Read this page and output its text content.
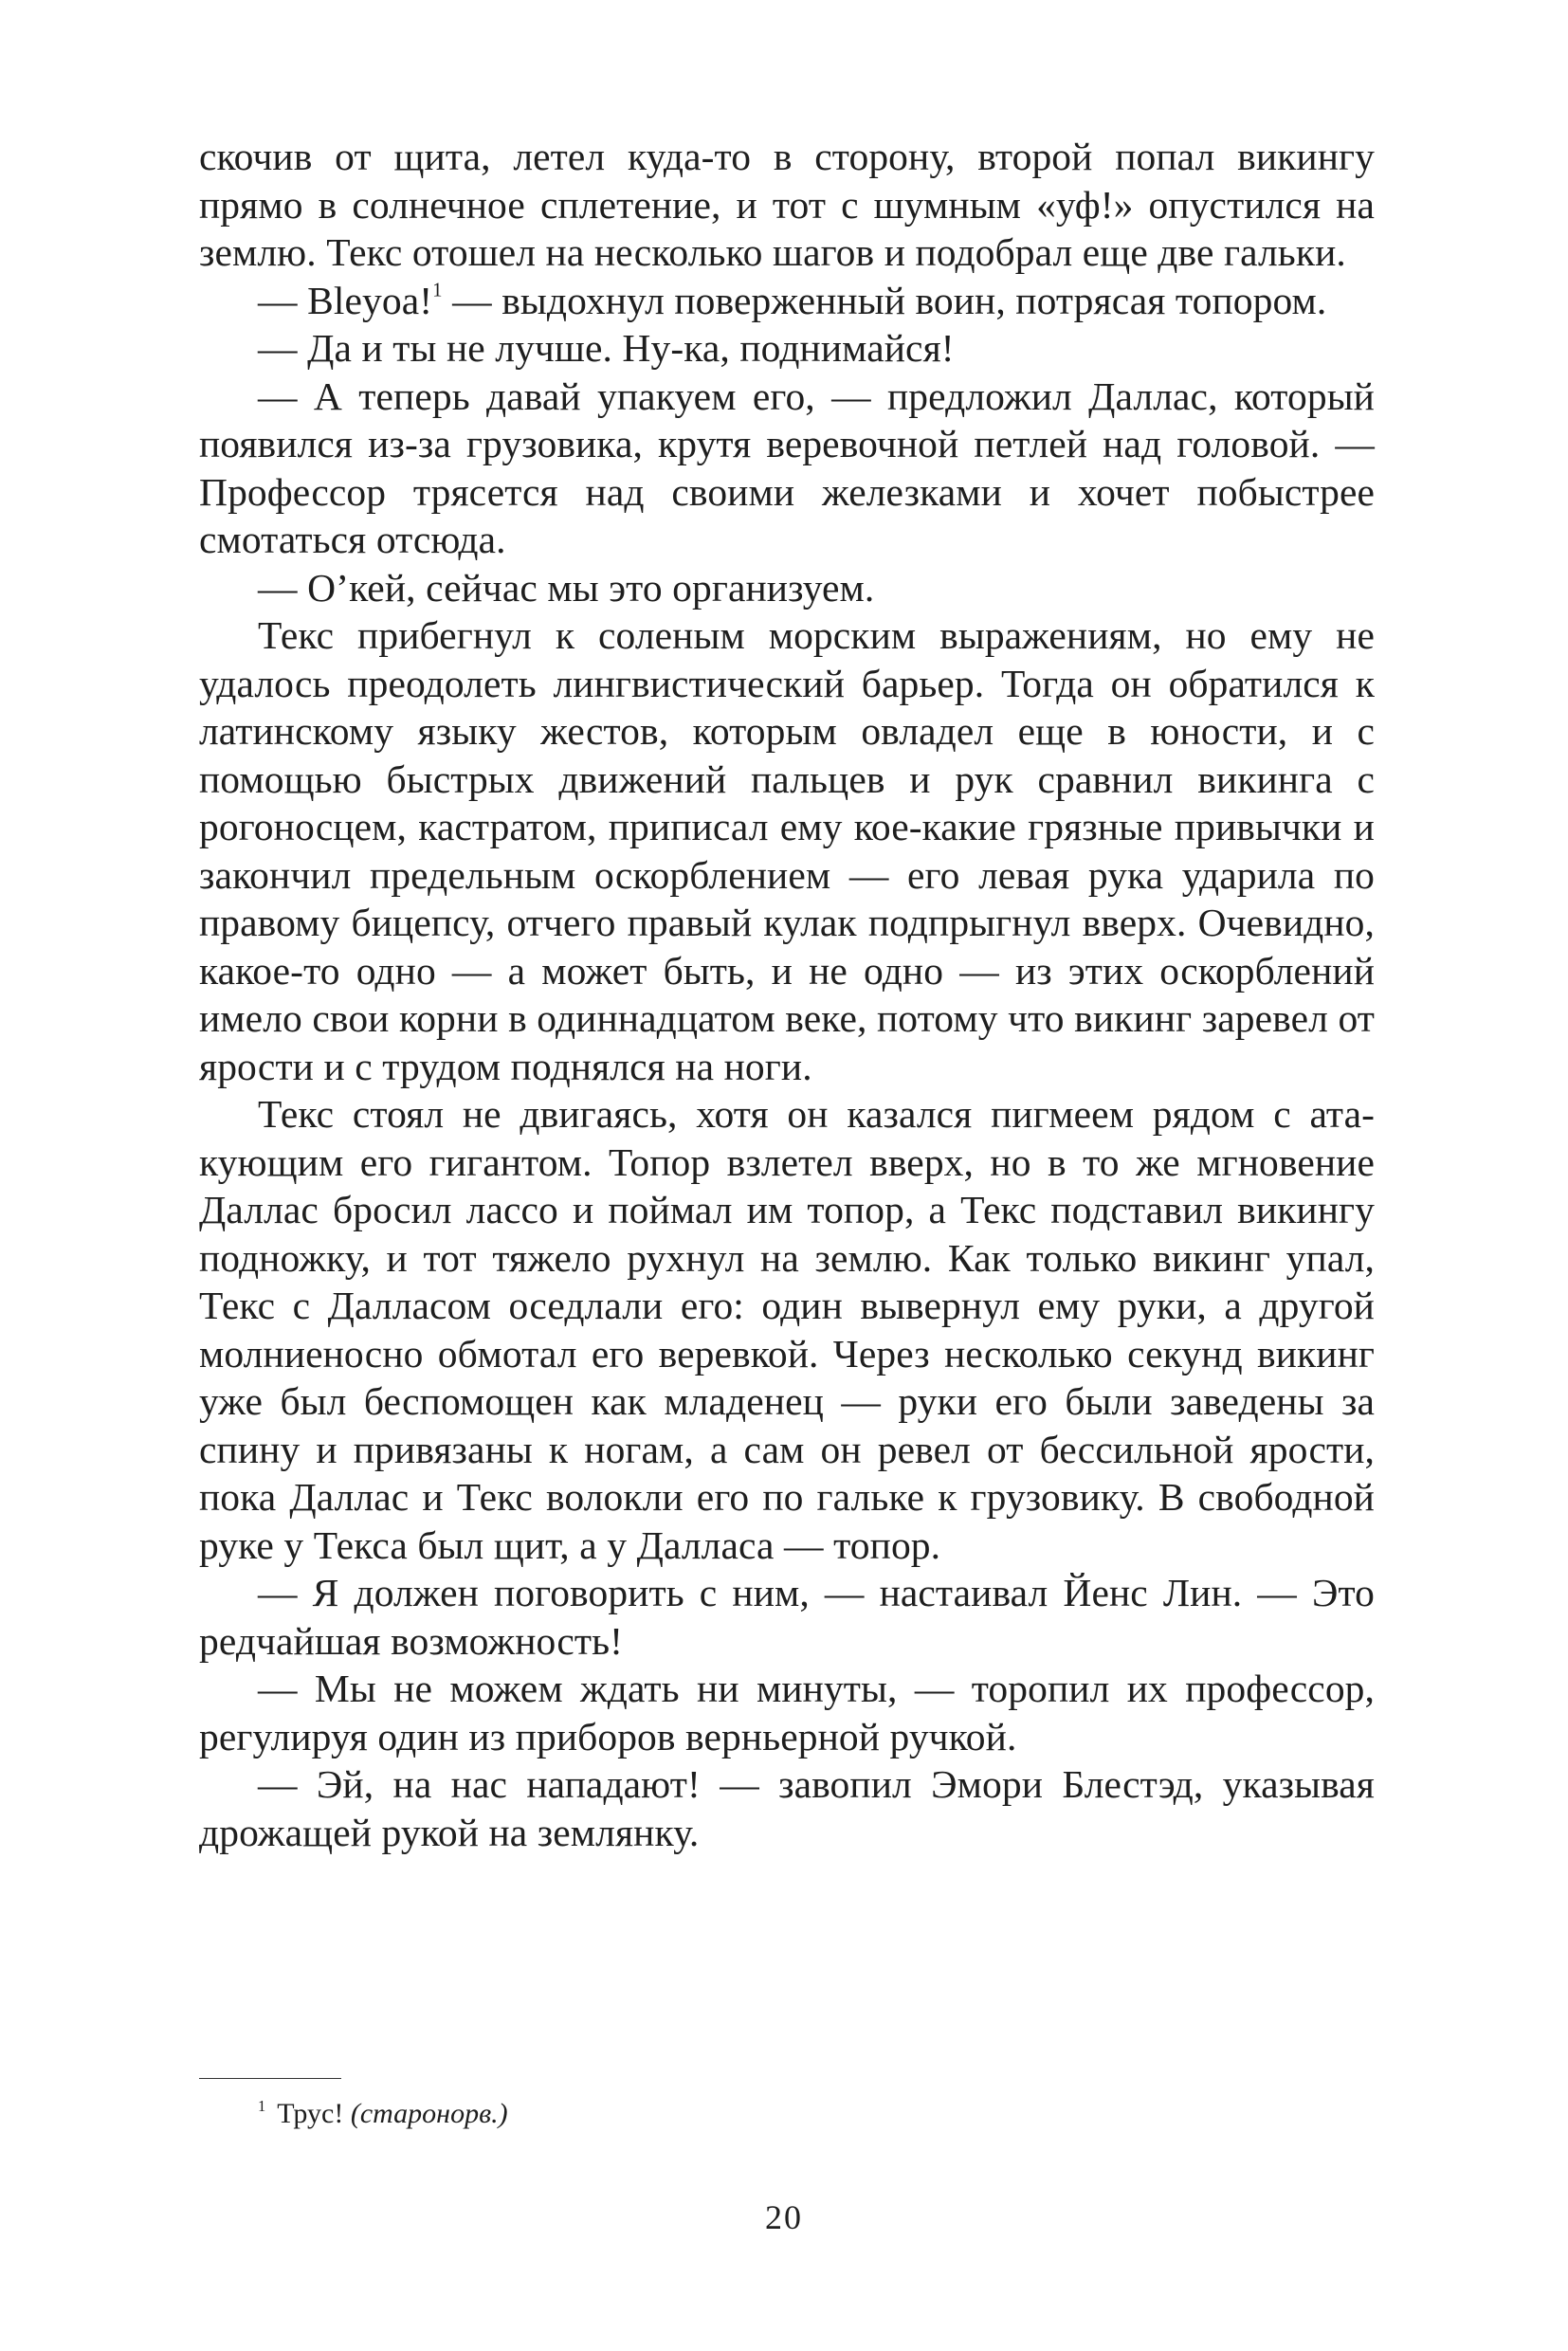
скочив от щита, летел куда-то в сторону, второй попал викингу прямо в солнечное сплетение, и тот с шумным «уф!» опустился на землю. Текс отошел на несколько шагов и подобрал еще две гальки.

— Bleyoa!$^1$ — выдохнул поверженный воин, потрясая топором.

— Да и ты не лучше. Ну-ка, поднимайся!

— А теперь давай упакуем его, — предложил Даллас, который появился из-за грузовика, крутя веревочной петлей над головой. — Профессор трясется над своими железками и хочет побыстрее смотаться отсюда.

— О’кей, сейчас мы это организуем.

Текс прибегнул к соленым морским выражениям, но ему не удалось преодолеть лингвистический барьер. Тогда он обратился к латинскому языку жестов, которым овладел еще в юности, и с помощью быстрых движений пальцев и рук сравнил викинга с рогоносцем, кастратом, приписал ему кое-какие грязные привычки и закончил предельным оскорблением — его левая рука ударила по правому бицепсу, отчего правый кулак подпрыгнул вверх. Очевидно, какое-то одно — а может быть, и не одно — из этих оскорблений имело свои корни в одиннадцатом веке, потому что викинг заревел от ярости и с трудом поднялся на ноги.

Текс стоял не двигаясь, хотя он казался пигмеем рядом с атакующим его гигантом. Топор взлетел вверх, но в то же мгновение Даллас бросил лассо и поймал им топор, а Текс подставил викингу подножку, и тот тяжело рухнул на землю. Как только викинг упал, Текс с Далласом оседлали его: один вывернул ему руки, а другой молниеносно обмотал его веревкой. Через несколько секунд викинг уже был беспомощен как младенец — руки его были заведены за спину и привязаны к ногам, а сам он ревел от бессильной ярости, пока Даллас и Текс волокли его по гальке к грузовику. В свободной руке у Текса был щит, а у Далласа — топор.

— Я должен поговорить с ним, — настаивал Йенс Лин. — Это редчайшая возможность!

— Мы не можем ждать ни минуты, — торопил их профессор, регулируя один из приборов верньерной ручкой.

— Эй, на нас нападают! — завопил Эмори Блестэд, указывая дрожащей рукой на землянку.

$^1$ Трус! (старонорв.)
20
